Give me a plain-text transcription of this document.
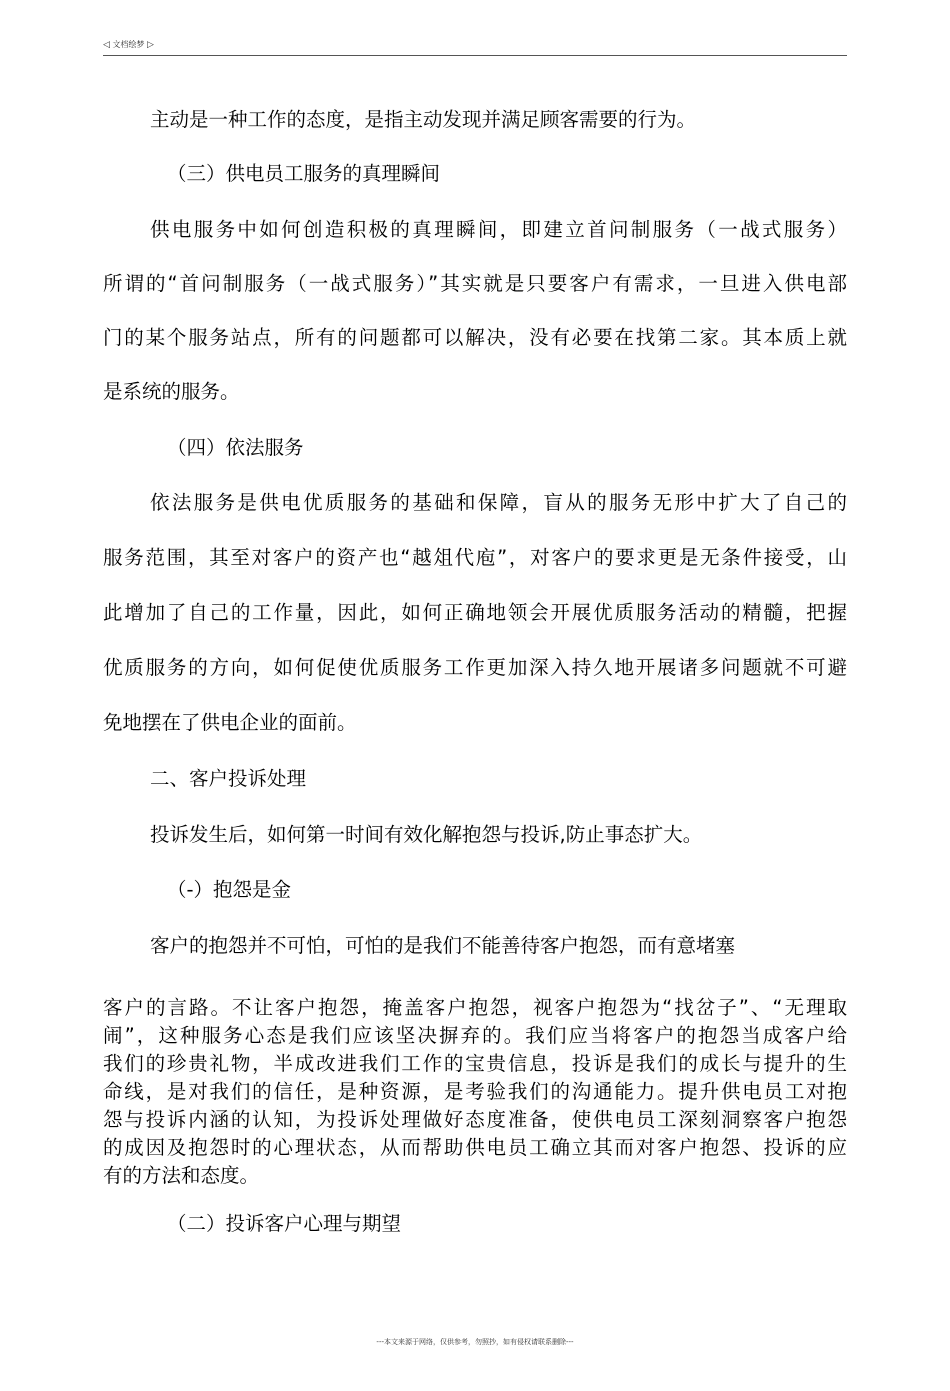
◁ 文档绘梦 ▷
主动是一种工作的态度，是指主动发现并满足顾客需要的行为。
（三）供电员工服务的真理瞬间
供电服务中如何创造积极的真理瞬间，即建立首问制服务（一战式服务）
所谓的“首问制服务（一战式服务）”其实就是只要客户有需求，一旦进入供电部
门的某个服务站点，所有的问题都可以解决，没有必要在找第二家。其本质上就
是系统的服务。
（四）依法服务
依法服务是供电优质服务的基础和保障，盲从的服务无形中扩大了自己的
服务范围，其至对客户的资产也“越俎代庖”，对客户的要求更是无条件接受，山
此增加了自己的工作量，因此，如何正确地领会开展优质服务活动的精髓，把握
优质服务的方向，如何促使优质服务工作更加深入持久地开展诸多问题就不可避
免地摆在了供电企业的面前。
二、客户投诉处理
投诉发生后，如何第一时间有效化解抱怨与投诉,防止事态扩大。
（-）抱怨是金
客户的抱怨并不可怕，可怕的是我们不能善待客户抱怨，而有意堵塞
客户的言路。不让客户抱怨，掩盖客户抱怨，视客户抱怨为“找岔子”、“无理取
闹”，这种服务心态是我们应该坚决摒弃的。我们应当将客户的抱怨当成客户给
我们的珍贵礼物，半成改进我们工作的宝贵信息，投诉是我们的成长与提升的生
命线，是对我们的信任，是种资源，是考验我们的沟通能力。提升供电员工对抱
怨与投诉内涵的认知，为投诉处理做好态度准备，使供电员工深刻洞察客户抱怨
的成因及抱怨时的心理状态，从而帮助供电员工确立其而对客户抱怨、投诉的应
有的方法和态度。
（二）投诉客户心理与期望
---本文来源于网络，仅供参考，勿照抄，如有侵权请联系删除---
